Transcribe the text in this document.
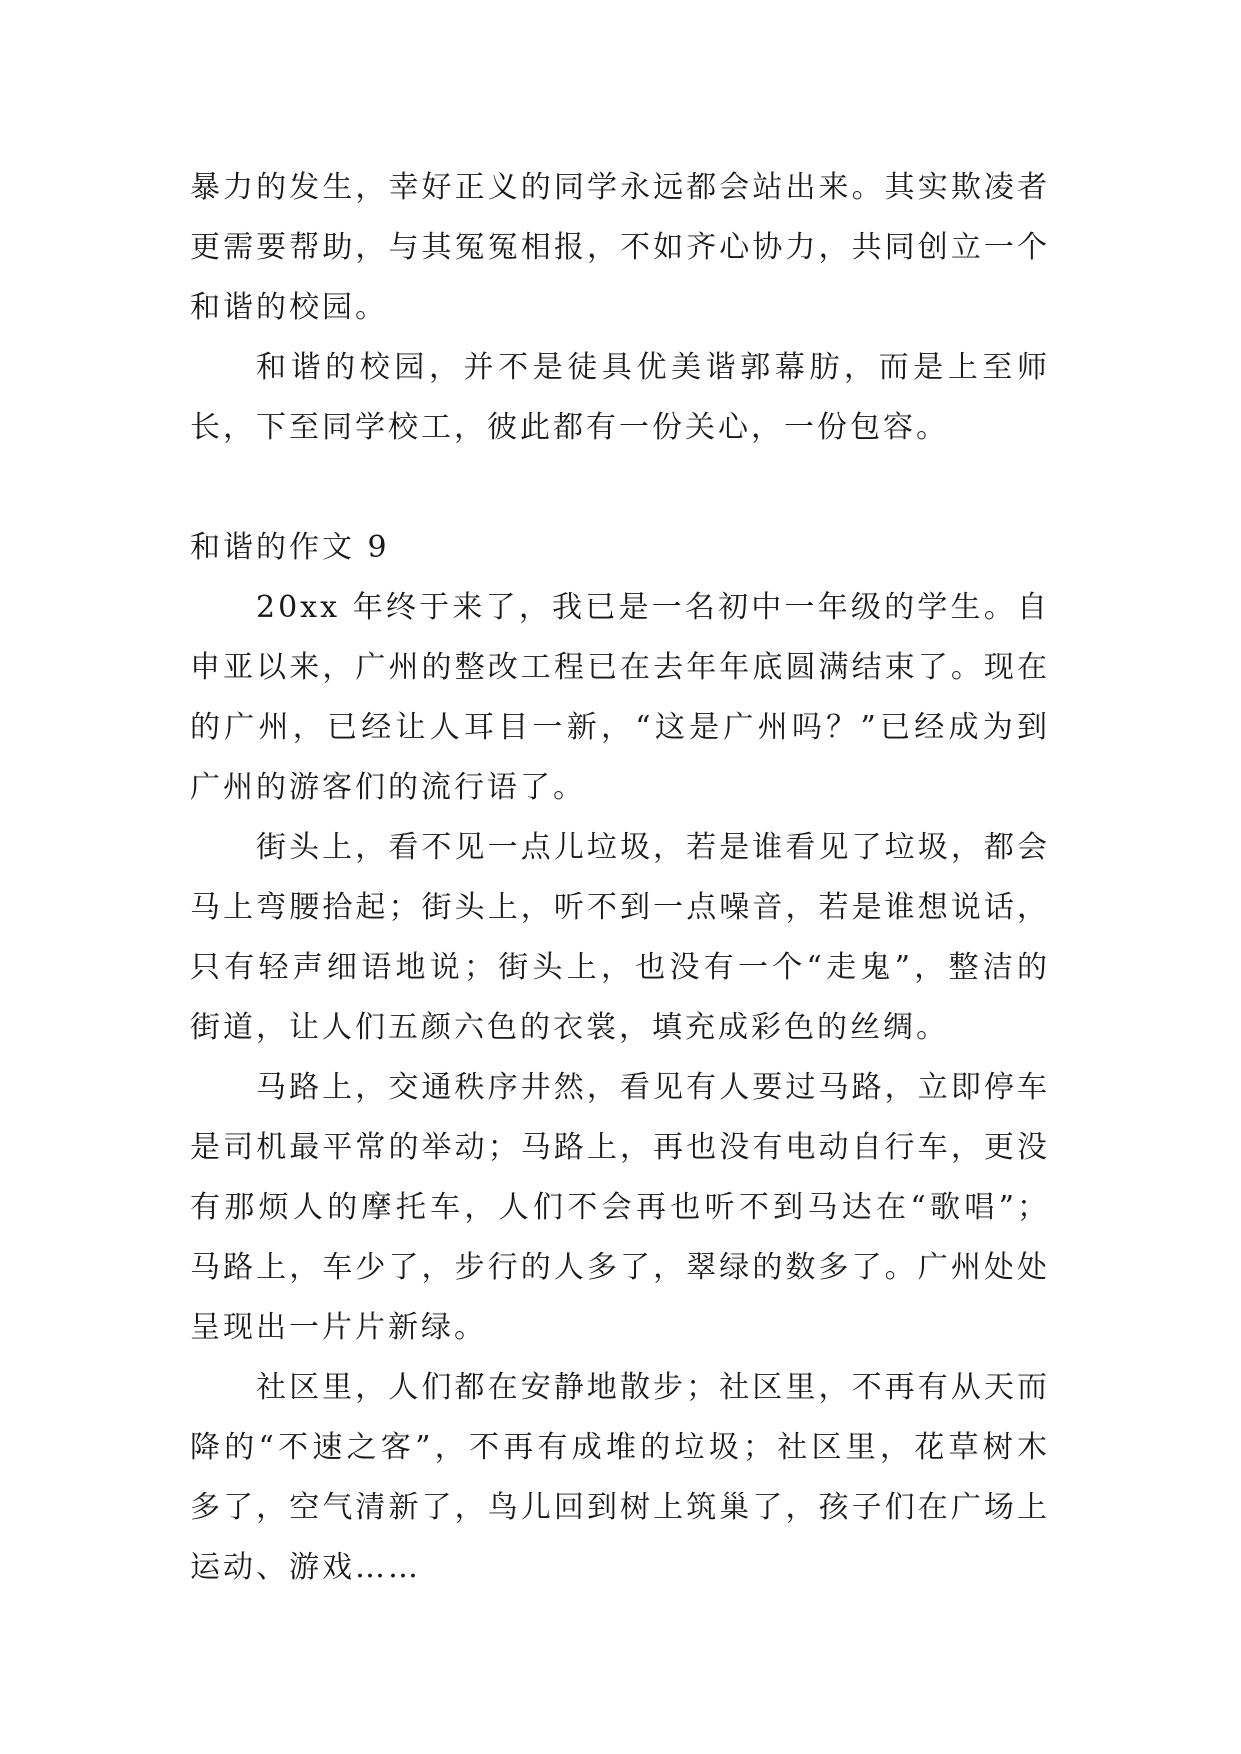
暴力的发生，幸好正义的同学永远都会站出来。其实欺凌者更需要帮助，与其冤冤相报，不如齐心协力，共同创立一个和谐的校园。

和谐的校园，并不是徒具优美谐郭幕肪，而是上至师长，下至同学校工，彼此都有一份关心，一份包容。

和谐的作文 9

20xx 年终于来了，我已是一名初中一年级的学生。自申亚以来，广州的整改工程已在去年年底圆满结束了。现在的广州，已经让人耳目一新，“这是广州吗？”已经成为到广州的游客们的流行语了。

街头上，看不见一点儿垃圾，若是谁看见了垃圾，都会马上弯腰拾起；街头上，听不到一点噪音，若是谁想说话，只有轻声细语地说；街头上，也没有一个“走鬼”，整洁的街道，让人们五颜六色的衣裳，填充成彩色的丝绸。

马路上，交通秩序井然，看见有人要过马路，立即停车是司机最平常的举动；马路上，再也没有电动自行车，更没有那烦人的摩托车，人们不会再也听不到马达在“歌唱”；马路上，车少了，步行的人多了，翠绿的数多了。广州处处呈现出一片片新绿。

社区里，人们都在安静地散步；社区里，不再有从天而降的“不速之客”，不再有成堆的垃圾；社区里，花草树木多了，空气清新了，鸟儿回到树上筑巢了，孩子们在广场上运动、游戏……
